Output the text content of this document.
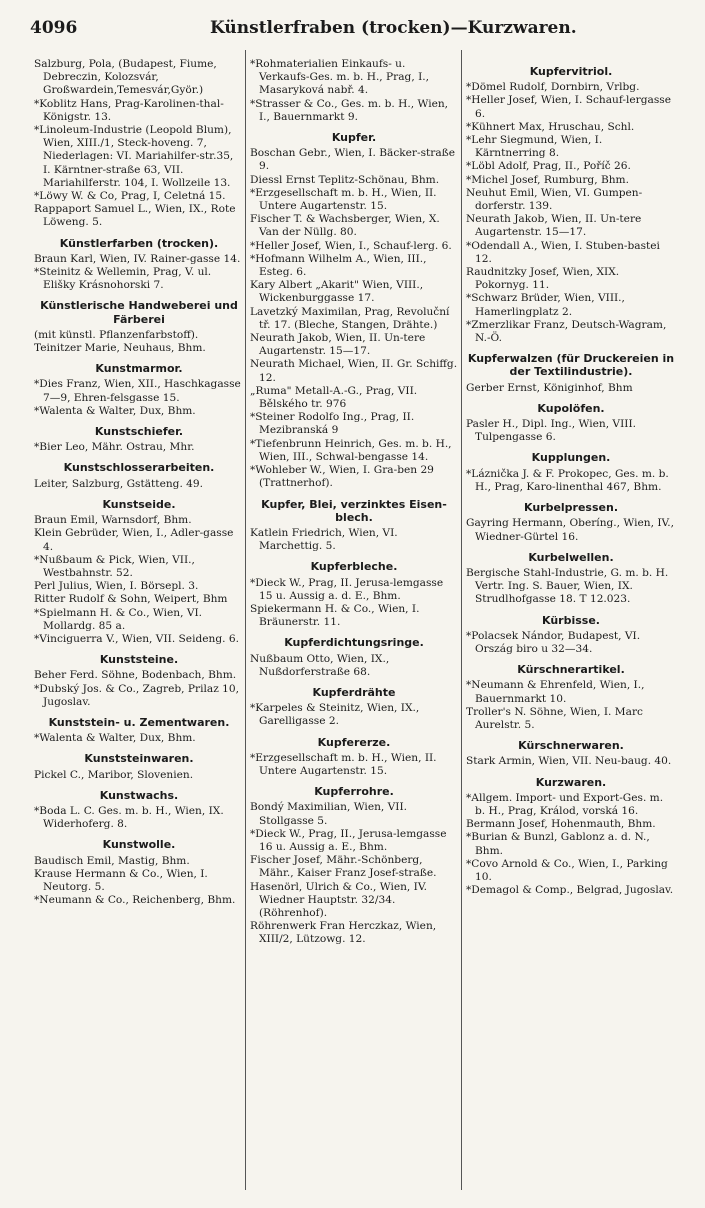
4096	Künstlerfraben (trocken)—Kurzwaren.
Salzburg, Pola, (Budapest, Fiume, Debreczin, Kolozsvár, Großwardein,Temesvár,Györ.)
*Koblitz Hans, Prag-Karolinen-thal-Königstr. 13.
*Linoleum-Industrie (Leopold Blum), Wien, XIII./1, Steck-hoveng. 7, Niederlagen: VI. Mariahilfer-str.35, I. Kärntner-straße 63, VII. Mariahilferstr. 104, I. Wollzeile 13.
*Löwy W. & Co, Prag, I, Celetná 15.
Rappaport Samuel L., Wien, IX., Rote Löweng. 5.
Künstlerfarben (trocken).
Braun Karl, Wien, IV. Rainer-gasse 14.
*Steinitz & Wellemin, Prag, V. ul. Elišky Krásnohorski 7.
Künstlerische Handweberei und Färberei
(mit künstl. Pflanzenfarbstoff).
Teinitzer Marie, Neuhaus, Bhm.
Kunstmarmor.
*Dies Franz, Wien, XII., Haschkagasse 7—9, Ehren-felsgasse 15.
*Walenta & Walter, Dux, Bhm.
Kunstschiefer.
*Bier Leo, Mähr. Ostrau, Mhr.
Kunstschlosserarbeiten.
Leiter, Salzburg, Gstätteng. 49.
Kunstseide.
Braun Emil, Warnsdorf, Bhm.
Klein Gebrüder, Wien, I., Adler-gasse 4.
*Nußbaum & Pick, Wien, VII., Westbahnstr. 52.
Perl Julius, Wien, I. Börsepl. 3.
Ritter Rudolf & Sohn, Weipert, Bhm
*Spielmann H. & Co., Wien, VI. Mollardg. 85 a.
*Vinciguerra V., Wien, VII. Seideng. 6.
Kunststeine.
Beher Ferd. Söhne, Bodenbach, Bhm.
*Dubský Jos. & Co., Zagreb, Prilaz 10, Jugoslav.
Kunststein- u. Zementwaren.
*Walenta & Walter, Dux, Bhm.
Kunststeinwaren.
Pickel C., Maribor, Slovenien.
Kunstwachs.
*Boda L. C. Ges. m. b. H., Wien, IX. Widerhoferg. 8.
Kunstwolle.
Baudisch Emil, Mastig, Bhm.
Krause Hermann & Co., Wien, I. Neutorg. 5.
*Neumann & Co., Reichenberg, Bhm.
*Rohmaterialien Einkaufs- u. Verkaufs-Ges. m. b. H., Prag, I., Masaryková nabř. 4.
*Strasser & Co., Ges. m. b. H., Wien, I., Bauernmarkt 9.
Kupfer.
Boschan Gebr., Wien, I. Bäcker-straße 9.
Diessl Ernst Teplitz-Schönau, Bhm.
*Erzgesellschaft m. b. H., Wien, II. Untere Augartenstr. 15.
Fischer T. & Wachsberger, Wien, X. Van der Nüllg. 80.
*Heller Josef, Wien, I., Schauf-lerg. 6.
*Hofmann Wilhelm A., Wien, III., Esteg. 6.
Kary Albert „Akarit" Wien, VIII., Wickenburggasse 17.
Lavetzký Maximilan, Prag, Revoluční tř. 17. (Bleche, Stangen, Drähte.)
Neurath Jakob, Wien, II. Un-tere Augartenstr. 15—17.
Neurath Michael, Wien, II. Gr. Schiffg. 12.
„Ruma" Metall-A.-G., Prag, VII. Bělského tr. 976
*Steiner Rodolfo Ing., Prag, II. Mezibranská 9
*Tiefenbrunn Heinrich, Ges. m. b. H., Wien, III., Schwal-bengasse 14.
*Wohleber W., Wien, I. Gra-ben 29 (Trattnerhof).
Kupfer, Blei, verzinktes Eisen-blech.
Katlein Friedrich, Wien, VI. Marchettig. 5.
Kupferbleche.
*Dieck W., Prag, II. Jerusa-lemgasse 15 u. Aussig a. d. E., Bhm.
Spiekermann H. & Co., Wien, I. Bräunerstr. 11.
Kupferdichtungsringe.
Nußbaum Otto, Wien, IX., Nußdorferstraße 68.
Kupferdrähte
*Karpeles & Steinitz, Wien, IX., Garelligasse 2.
Kupfererze.
*Erzgesellschaft m. b. H., Wien, II. Untere Augartenstr. 15.
Kupferrohre.
Bondý Maximilian, Wien, VII. Stollgasse 5.
*Dieck W., Prag, II., Jerusa-lemgasse 16 u. Aussig a. E., Bhm.
Fischer Josef, Mähr.-Schönberg, Mähr., Kaiser Franz Josef-straße.
Hasenörl, Ulrich & Co., Wien, IV. Wiedner Hauptstr. 32/34. (Röhrenhof).
Röhrenwerk Fran Herczkaz, Wien, XIII/2, Lützowg. 12.
Kupfervitriol.
*Dömel Rudolf, Dornbirn, Vrlbg.
*Heller Josef, Wien, I. Schauf-lergasse 6.
*Kühnert Max, Hruschau, Schl.
*Lehr Siegmund, Wien, I. Kärntnerring 8.
*Löbl Adolf, Prag, II., Poříč 26.
*Michel Josef, Rumburg, Bhm.
Neuhut Emil, Wien, VI. Gumpen-dorferstr. 139.
Neurath Jakob, Wien, II. Un-tere Augartenstr. 15—17.
*Odendall A., Wien, I. Stuben-bastei 12.
Raudnitzky Josef, Wien, XIX. Pokornyg. 11.
*Schwarz Brüder, Wien, VIII., Hamerlingplatz 2.
*Zmerzlikar Franz, Deutsch-Wagram, N.-Ö.
Kupferwalzen (für Druckereien in der Textilindustrie).
Gerber Ernst, Königinhof, Bhm
Kupolöfen.
Pasler H., Dipl. Ing., Wien, VIII. Tulpengasse 6.
Kupplungen.
*Láznička J. & F. Prokopec, Ges. m. b. H., Prag, Karo-linenthal 467, Bhm.
Kurbelpressen.
Gayring Hermann, Oberíng., Wien, IV., Wiedner-Gürtel 16.
Kurbelwellen.
Bergische Stahl-Industrie, G. m. b. H. Vertr. Ing. S. Bauer, Wien, IX. Strudlhofgasse 18. T 12.023.
Kürbisse.
*Polacsek Nándor, Budapest, VI. Ország biro u 32—34.
Kürschnerartikel.
*Neumann & Ehrenfeld, Wien, I., Bauernmarkt 10.
Troller's N. Söhne, Wien, I. Marc Aurelstr. 5.
Kürschnerwaren.
Stark Armin, Wien, VII. Neu-baug. 40.
Kurzwaren.
*Allgem. Import- und Export-Ges. m. b. H., Prag, Králod, vorská 16.
Bermann Josef, Hohenmauth, Bhm.
*Burian & Bunzl, Gablonz a. d. N., Bhm.
*Covo Arnold & Co., Wien, I., Parking 10.
*Demagol & Comp., Belgrad, Jugoslav.
